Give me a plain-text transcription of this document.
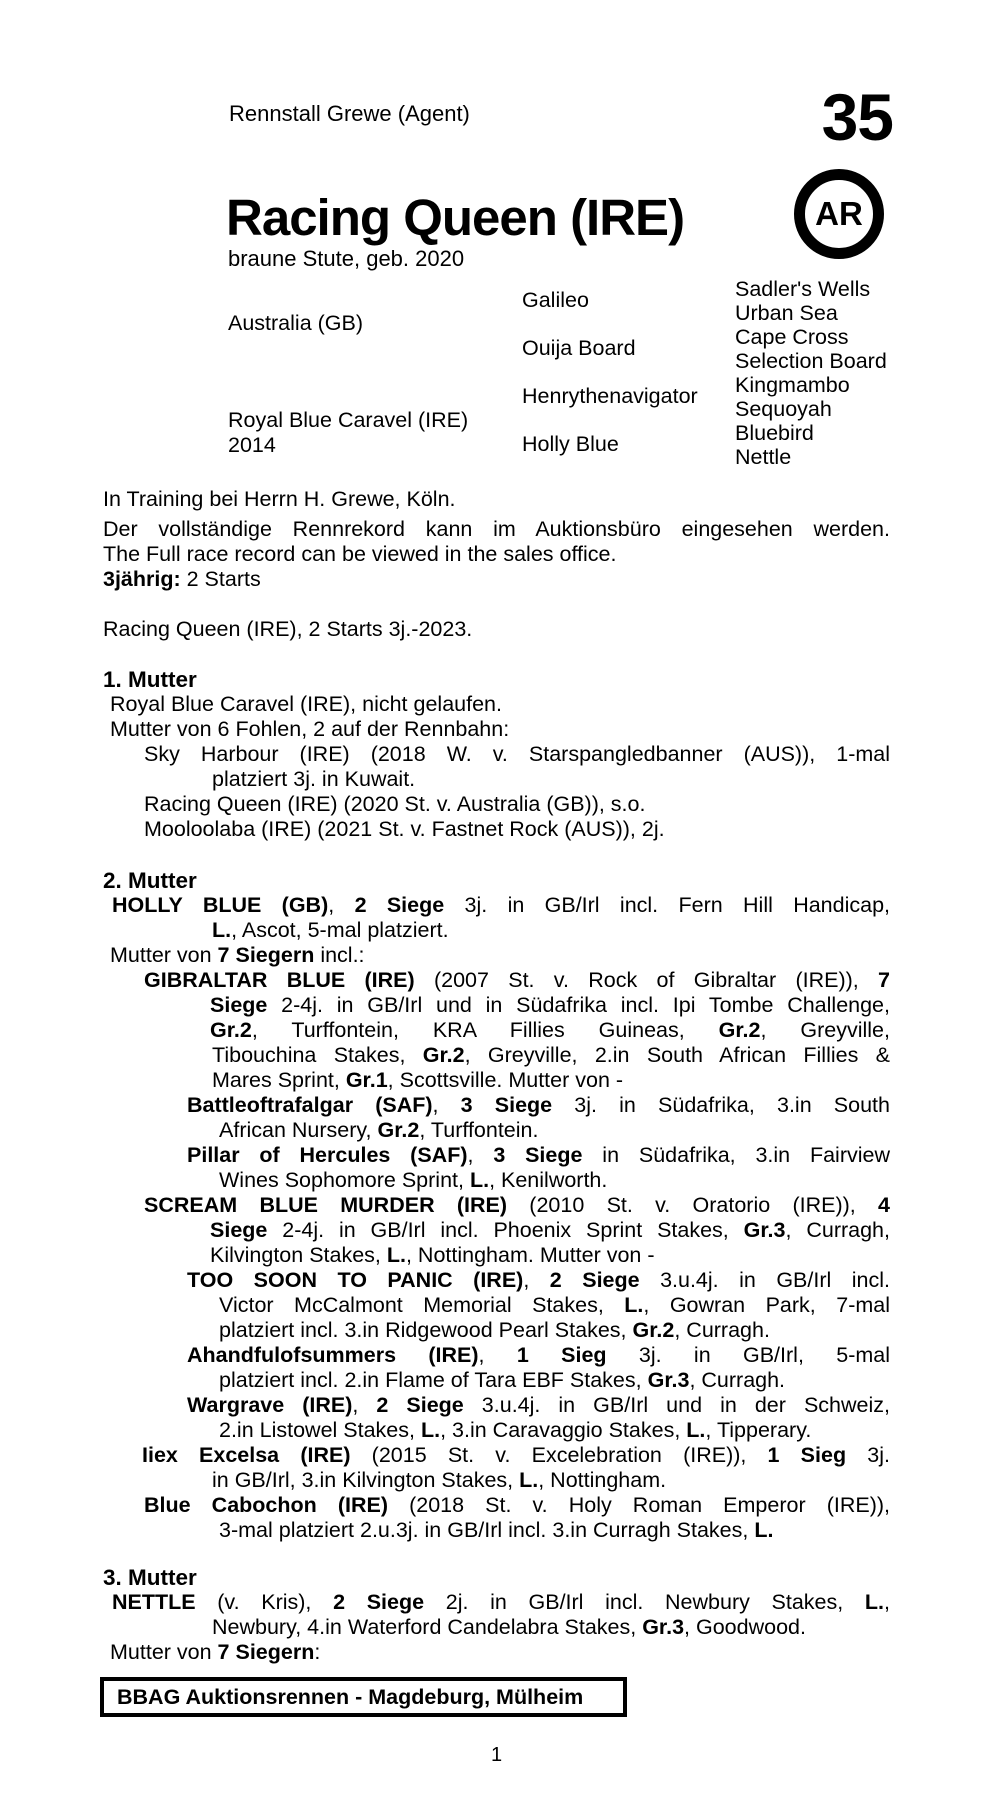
Rennstall Grewe (Agent)	35
AR
Racing Queen (IRE)
braune Stute, geb. 2020
Australia (GB)
Royal Blue Caravel (IRE)
2014
Galileo
Ouija Board
Henrythenavigator
Holly Blue
Sadler's Wells
Urban Sea
Cape Cross
Selection Board
Kingmambo
Sequoyah
Bluebird
Nettle
In Training bei Herrn H. Grewe, Köln.
Der vollständige Rennrekord kann im Auktionsbüro eingesehen werden.
The Full race record can be viewed in the sales office.
3jährig: 2 Starts
Racing Queen (IRE), 2 Starts 3j.-2023.
1. Mutter
Royal Blue Caravel (IRE), nicht gelaufen.
Mutter von 6 Fohlen, 2 auf der Rennbahn:
Sky Harbour (IRE) (2018 W. v. Starspangledbanner (AUS)), 1-mal
platziert 3j. in Kuwait.
Racing Queen (IRE) (2020 St. v. Australia (GB)), s.o.
Mooloolaba (IRE) (2021 St. v. Fastnet Rock (AUS)), 2j.
2. Mutter
HOLLY BLUE (GB), 2 Siege 3j. in GB/Irl incl. Fern Hill Handicap,
L., Ascot, 5-mal platziert.
Mutter von 7 Siegern incl.:
GIBRALTAR BLUE (IRE) (2007 St. v. Rock of Gibraltar (IRE)), 7
Siege 2-4j. in GB/Irl und in Südafrika incl. Ipi Tombe Challenge,
Gr.2, Turffontein, KRA Fillies Guineas, Gr.2, Greyville,
Tibouchina Stakes, Gr.2, Greyville, 2.in South African Fillies &
Mares Sprint, Gr.1, Scottsville. Mutter von -
Battleoftrafalgar (SAF), 3 Siege 3j. in Südafrika, 3.in South
African Nursery, Gr.2, Turffontein.
Pillar of Hercules (SAF), 3 Siege in Südafrika, 3.in Fairview
Wines Sophomore Sprint, L., Kenilworth.
SCREAM BLUE MURDER (IRE) (2010 St. v. Oratorio (IRE)), 4
Siege 2-4j. in GB/Irl incl. Phoenix Sprint Stakes, Gr.3, Curragh,
Kilvington Stakes, L., Nottingham. Mutter von -
TOO SOON TO PANIC (IRE), 2 Siege 3.u.4j. in GB/Irl incl.
Victor McCalmont Memorial Stakes, L., Gowran Park, 7-mal
platziert incl. 3.in Ridgewood Pearl Stakes, Gr.2, Curragh.
Ahandfulofsummers (IRE), 1 Sieg 3j. in GB/Irl, 5-mal
platziert incl. 2.in Flame of Tara EBF Stakes, Gr.3, Curragh.
Wargrave (IRE), 2 Siege 3.u.4j. in GB/Irl und in der Schweiz,
2.in Listowel Stakes, L., 3.in Caravaggio Stakes, L., Tipperary.
Iiex Excelsa (IRE) (2015 St. v. Excelebration (IRE)), 1 Sieg 3j.
in GB/Irl, 3.in Kilvington Stakes, L., Nottingham.
Blue Cabochon (IRE) (2018 St. v. Holy Roman Emperor (IRE)),
3-mal platziert 2.u.3j. in GB/Irl incl. 3.in Curragh Stakes, L.
3. Mutter
NETTLE (v. Kris), 2 Siege 2j. in GB/Irl incl. Newbury Stakes, L.,
Newbury, 4.in Waterford Candelabra Stakes, Gr.3, Goodwood.
Mutter von 7 Siegern:
BBAG Auktionsrennen - Magdeburg, Mülheim
1
